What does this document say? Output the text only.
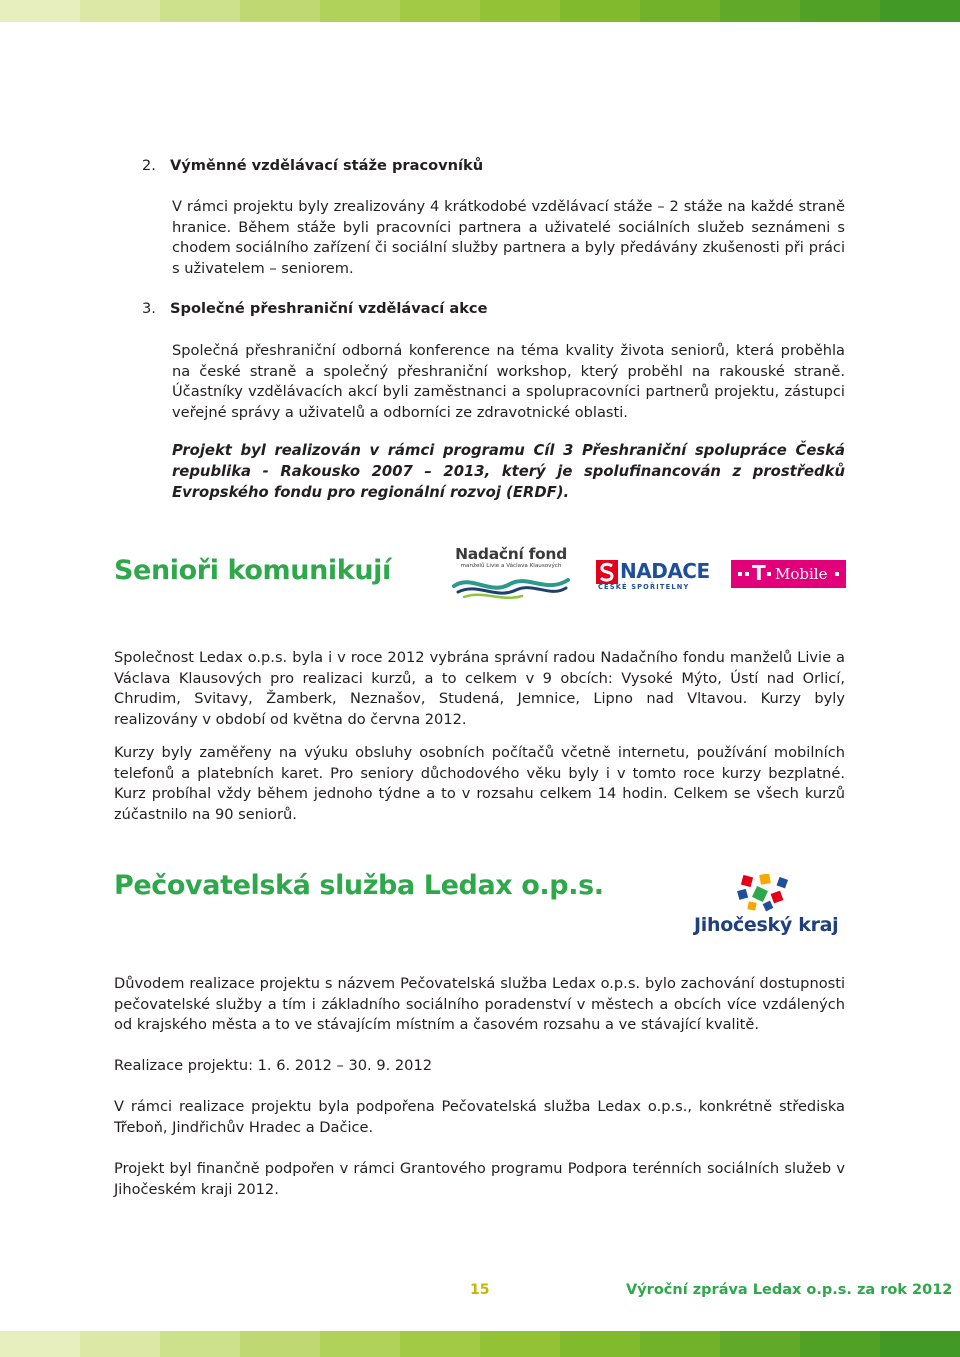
2. Výměnné vzdělávací stáže pracovníků
V rámci projektu byly zrealizovány 4 krátkodobé vzdělávací stáže – 2 stáže na každé straně hranice. Během stáže byli pracovníci partnera a uživatelé sociálních služeb seznámeni s chodem sociálního zařízení či sociální služby partnera a byly předávány zkušenosti při práci s uživatelem – seniorem.
3. Společné přeshraniční vzdělávací akce
Společná přeshraniční odborná konference na téma kvality života seniorů, která proběhla na české straně a společný přeshraniční workshop, který proběhl na rakouské straně. Účastníky vzdělávacích akcí byli zaměstnanci a spolupracovníci partnerů projektu, zástupci veřejné správy a uživatelů a odborníci ze zdravotnické oblasti.
Projekt byl realizován v rámci programu Cíl 3 Přeshraniční spolupráce Česká republika - Rakousko 2007 – 2013, který je spolufinancován z prostředků Evropského fondu pro regionální rozvoj (ERDF).
Senioři komunikují
Nadační fond
manželů Livie a Václava Klausových	NADACE
ČESKÉ SPOŘITELNY
T Mobile
Společnost Ledax o.p.s. byla i v roce 2012 vybrána správní radou Nadačního fondu manželů Livie a Václava Klausových pro realizaci kurzů, a to celkem v 9 obcích: Vysoké Mýto, Ústí nad Orlicí, Chrudim, Svitavy, Žamberk, Neznašov, Studená, Jemnice, Lipno nad Vltavou. Kurzy byly realizovány v období od května do června 2012.
Kurzy byly zaměřeny na výuku obsluhy osobních počítačů včetně internetu, používání mobilních telefonů a platebních karet. Pro seniory důchodového věku byly i v tomto roce kurzy bezplatné. Kurz probíhal vždy během jednoho týdne a to v rozsahu celkem 14 hodin. Celkem se všech kurzů zúčastnilo na 90 seniorů.
Pečovatelská služba Ledax o.p.s.
Jihočeský kraj
Důvodem realizace projektu s názvem Pečovatelská služba Ledax o.p.s. bylo zachování dostupnosti pečovatelské služby a tím i základního sociálního poradenství v městech a obcích více vzdálených od krajského města a to ve stávajícím místním a časovém rozsahu a ve stávající kvalitě.
Realizace projektu: 1. 6. 2012 – 30. 9. 2012
V rámci realizace projektu byla podpořena Pečovatelská služba Ledax o.p.s., konkrétně střediska Třeboň, Jindřichův Hradec a Dačice.
Projekt byl finančně podpořen v rámci Grantového programu Podpora terénních sociálních služeb v Jihočeském kraji 2012.
15	Výroční zpráva Ledax o.p.s. za rok 2012
